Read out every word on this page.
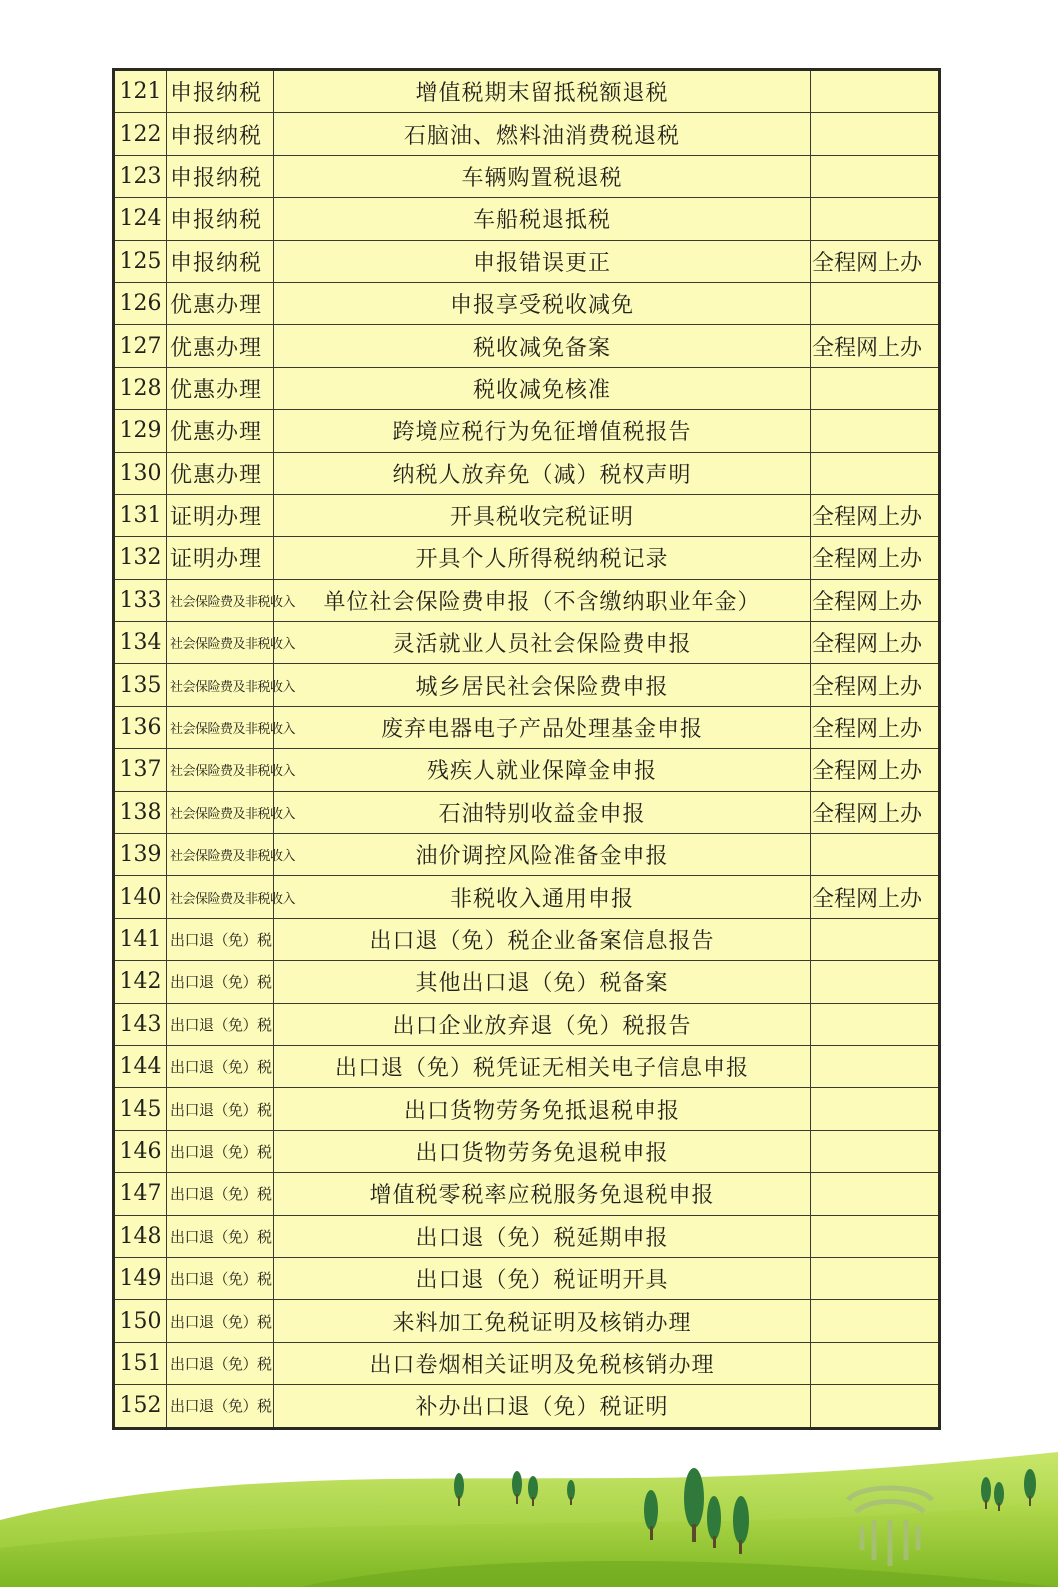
121	申报纳税	增值税期末留抵税额退税	
122	申报纳税	石脑油、燃料油消费税退税	
123	申报纳税	车辆购置税退税	
124	申报纳税	车船税退抵税	
125	申报纳税	申报错误更正	全程网上办
126	优惠办理	申报享受税收减免	
127	优惠办理	税收减免备案	全程网上办
128	优惠办理	税收减免核准	
129	优惠办理	跨境应税行为免征增值税报告	
130	优惠办理	纳税人放弃免（减）税权声明	
131	证明办理	开具税收完税证明	全程网上办
132	证明办理	开具个人所得税纳税记录	全程网上办
133	社会保险费及非税收入	单位社会保险费申报（不含缴纳职业年金）	全程网上办
134	社会保险费及非税收入	灵活就业人员社会保险费申报	全程网上办
135	社会保险费及非税收入	城乡居民社会保险费申报	全程网上办
136	社会保险费及非税收入	废弃电器电子产品处理基金申报	全程网上办
137	社会保险费及非税收入	残疾人就业保障金申报	全程网上办
138	社会保险费及非税收入	石油特别收益金申报	全程网上办
139	社会保险费及非税收入	油价调控风险准备金申报	
140	社会保险费及非税收入	非税收入通用申报	全程网上办
141	出口退（免）税	出口退（免）税企业备案信息报告	
142	出口退（免）税	其他出口退（免）税备案	
143	出口退（免）税	出口企业放弃退（免）税报告	
144	出口退（免）税	出口退（免）税凭证无相关电子信息申报	
145	出口退（免）税	出口货物劳务免抵退税申报	
146	出口退（免）税	出口货物劳务免退税申报	
147	出口退（免）税	增值税零税率应税服务免退税申报	
148	出口退（免）税	出口退（免）税延期申报	
149	出口退（免）税	出口退（免）税证明开具	
150	出口退（免）税	来料加工免税证明及核销办理	
151	出口退（免）税	出口卷烟相关证明及免税核销办理	
152	出口退（免）税	补办出口退（免）税证明	
